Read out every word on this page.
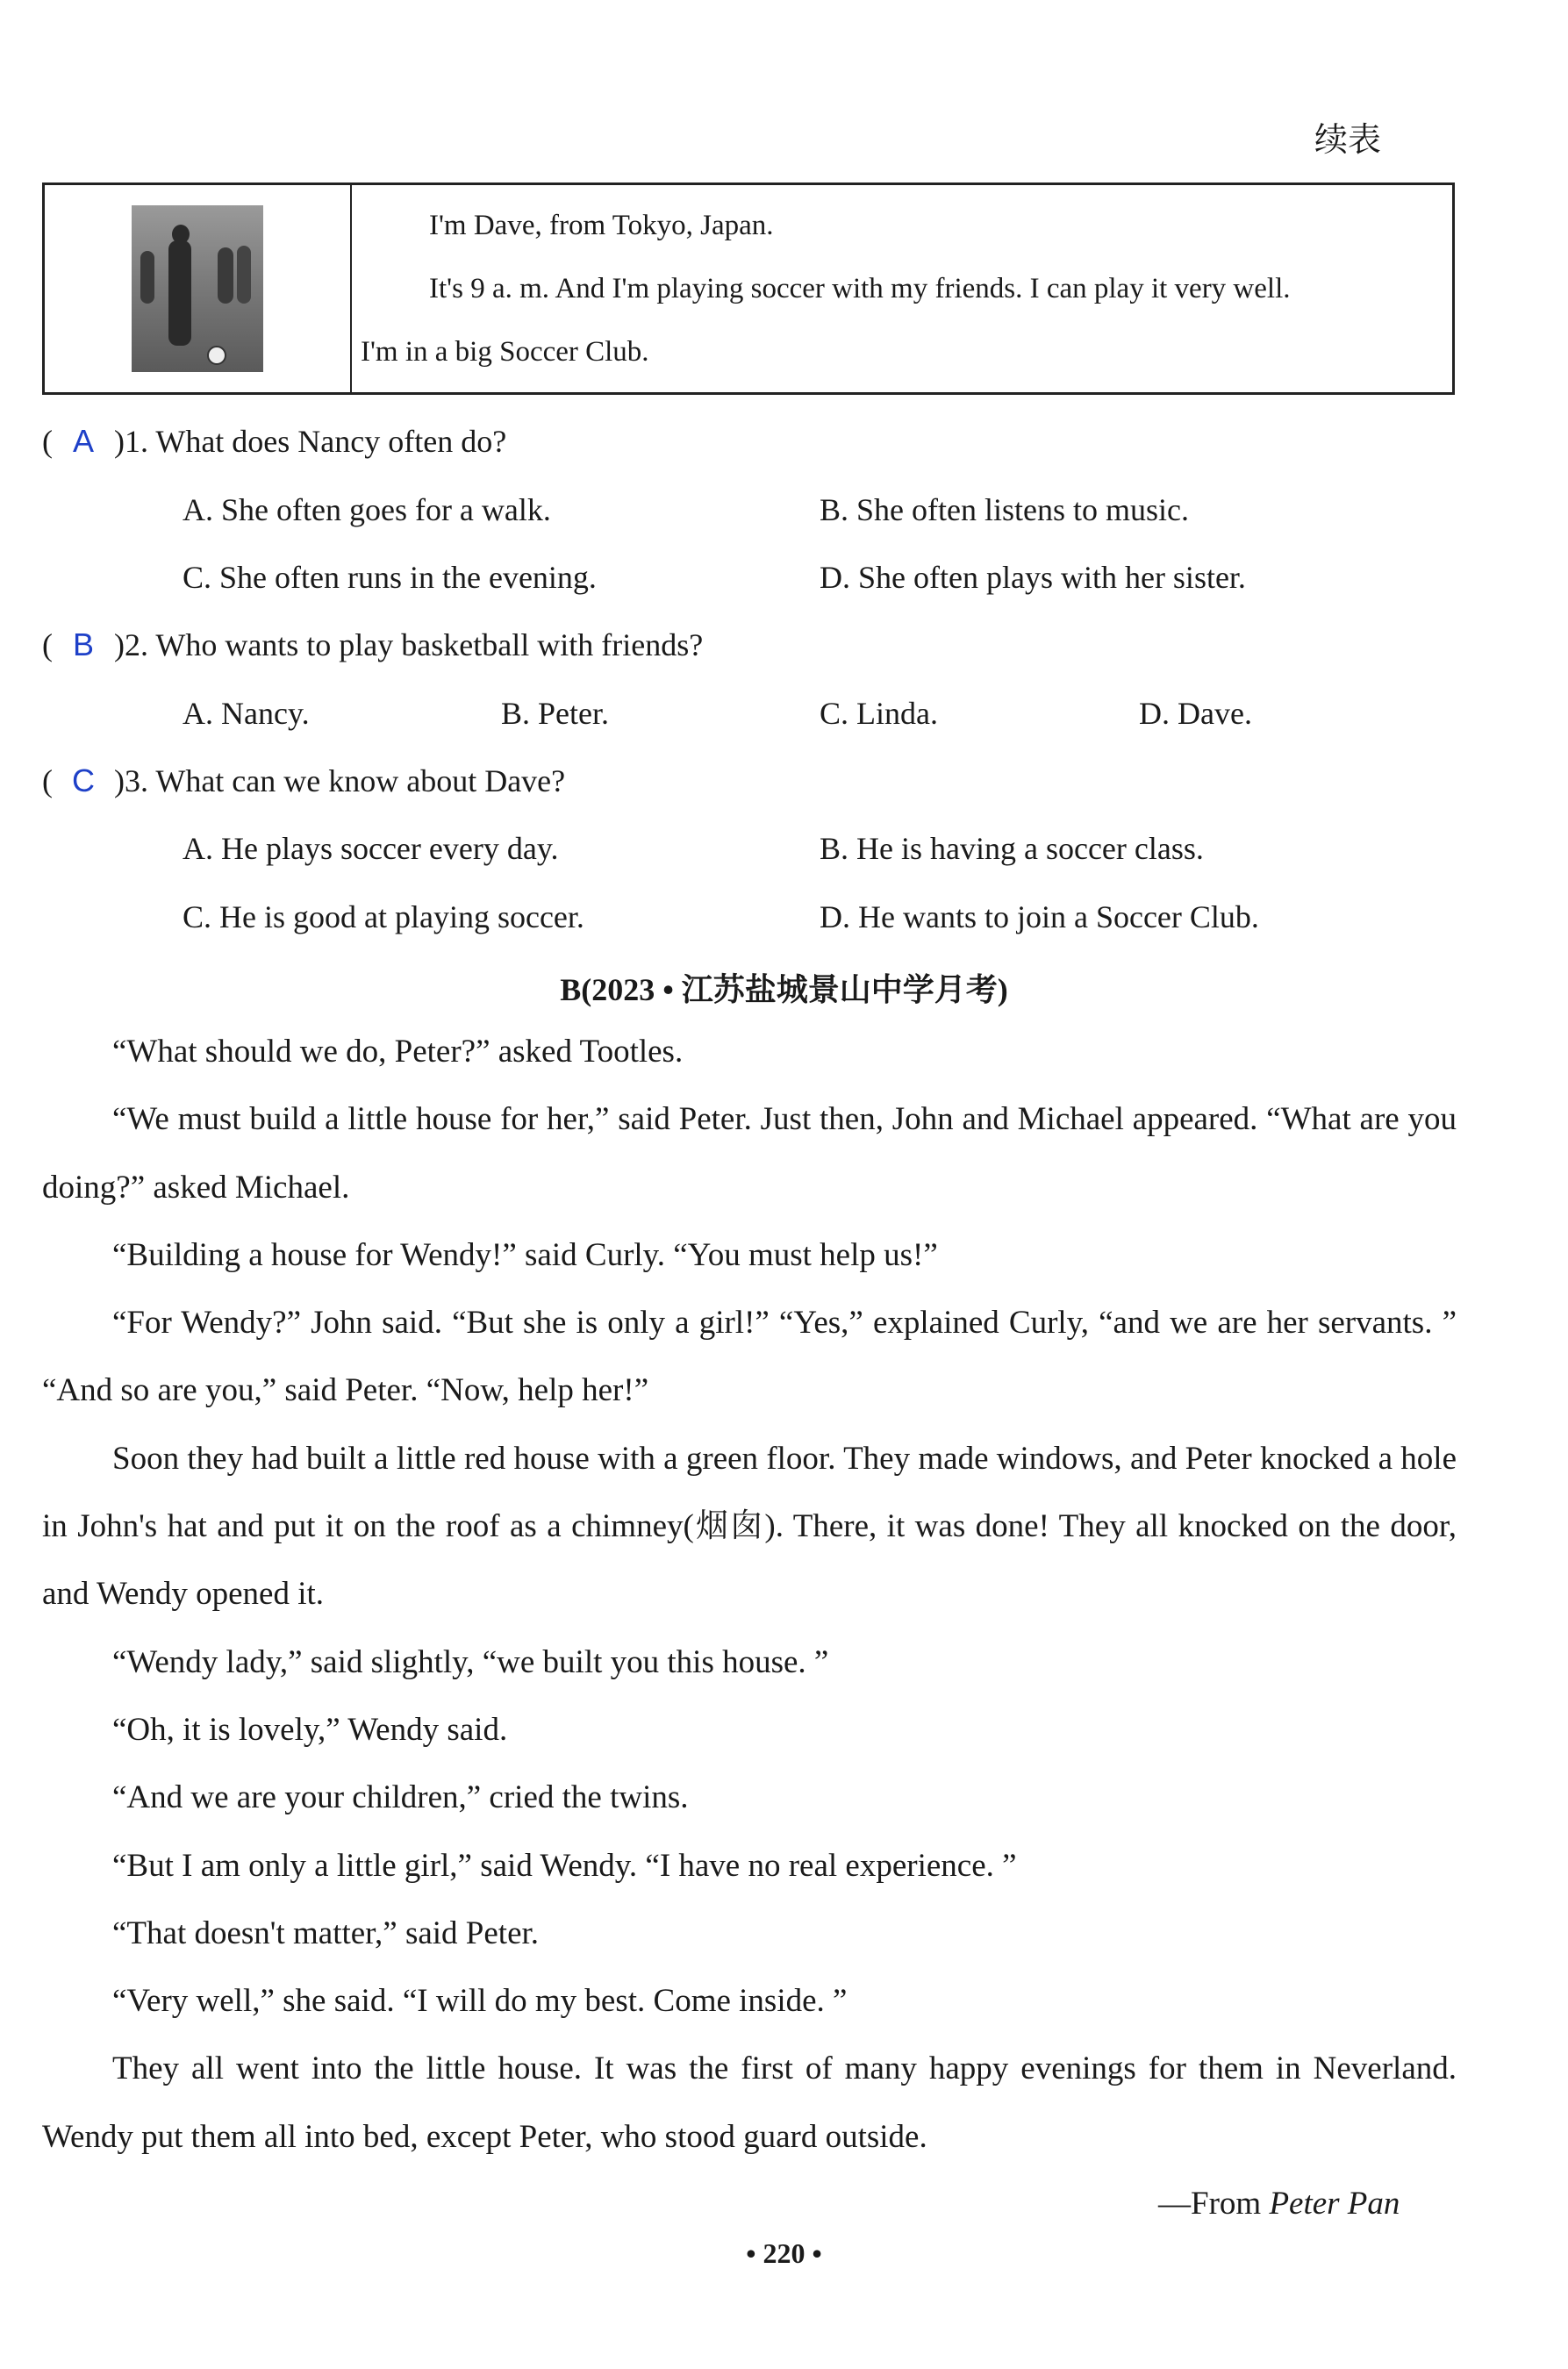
续表
I'm Dave, from Tokyo, Japan.
It's 9 a. m. And I'm playing soccer with my friends. I can play it very well.
I'm in a big Soccer Club.
( A )1. What does Nancy often do?
A. She often goes for a walk.	B. She often listens to music.
C. She often runs in the evening.	D. She often plays with her sister.
( B )2. Who wants to play basketball with friends?
A. Nancy.	B. Peter.	C. Linda.	D. Dave.
( C )3. What can we know about Dave?
A. He plays soccer every day.	B. He is having a soccer class.
C. He is good at playing soccer.	D. He wants to join a Soccer Club.
B(2023 • 江苏盐城景山中学月考)

“What should we do, Peter?” asked Tootles.

“We must build a little house for her,” said Peter. Just then, John and Michael appeared. “What are you doing?” asked Michael.

“Building a house for Wendy!” said Curly. “You must help us!”

“For Wendy?” John said. “But she is only a girl!” “Yes,” explained Curly, “and we are her servants. ” “And so are you,” said Peter. “Now, help her!”

Soon they had built a little red house with a green floor. They made windows, and Peter knocked a hole in John's hat and put it on the roof as a chimney(烟囱). There, it was done! They all knocked on the door, and Wendy opened it.

“Wendy lady,” said slightly, “we built you this house. ”

“Oh, it is lovely,” Wendy said.

“And we are your children,” cried the twins.

“But I am only a little girl,” said Wendy. “I have no real experience. ”

“That doesn't matter,” said Peter.

“Very well,” she said. “I will do my best. Come inside. ”

They all went into the little house. It was the first of many happy evenings for them in Neverland. Wendy put them all into bed, except Peter, who stood guard outside.

—From Peter Pan
• 220 •
